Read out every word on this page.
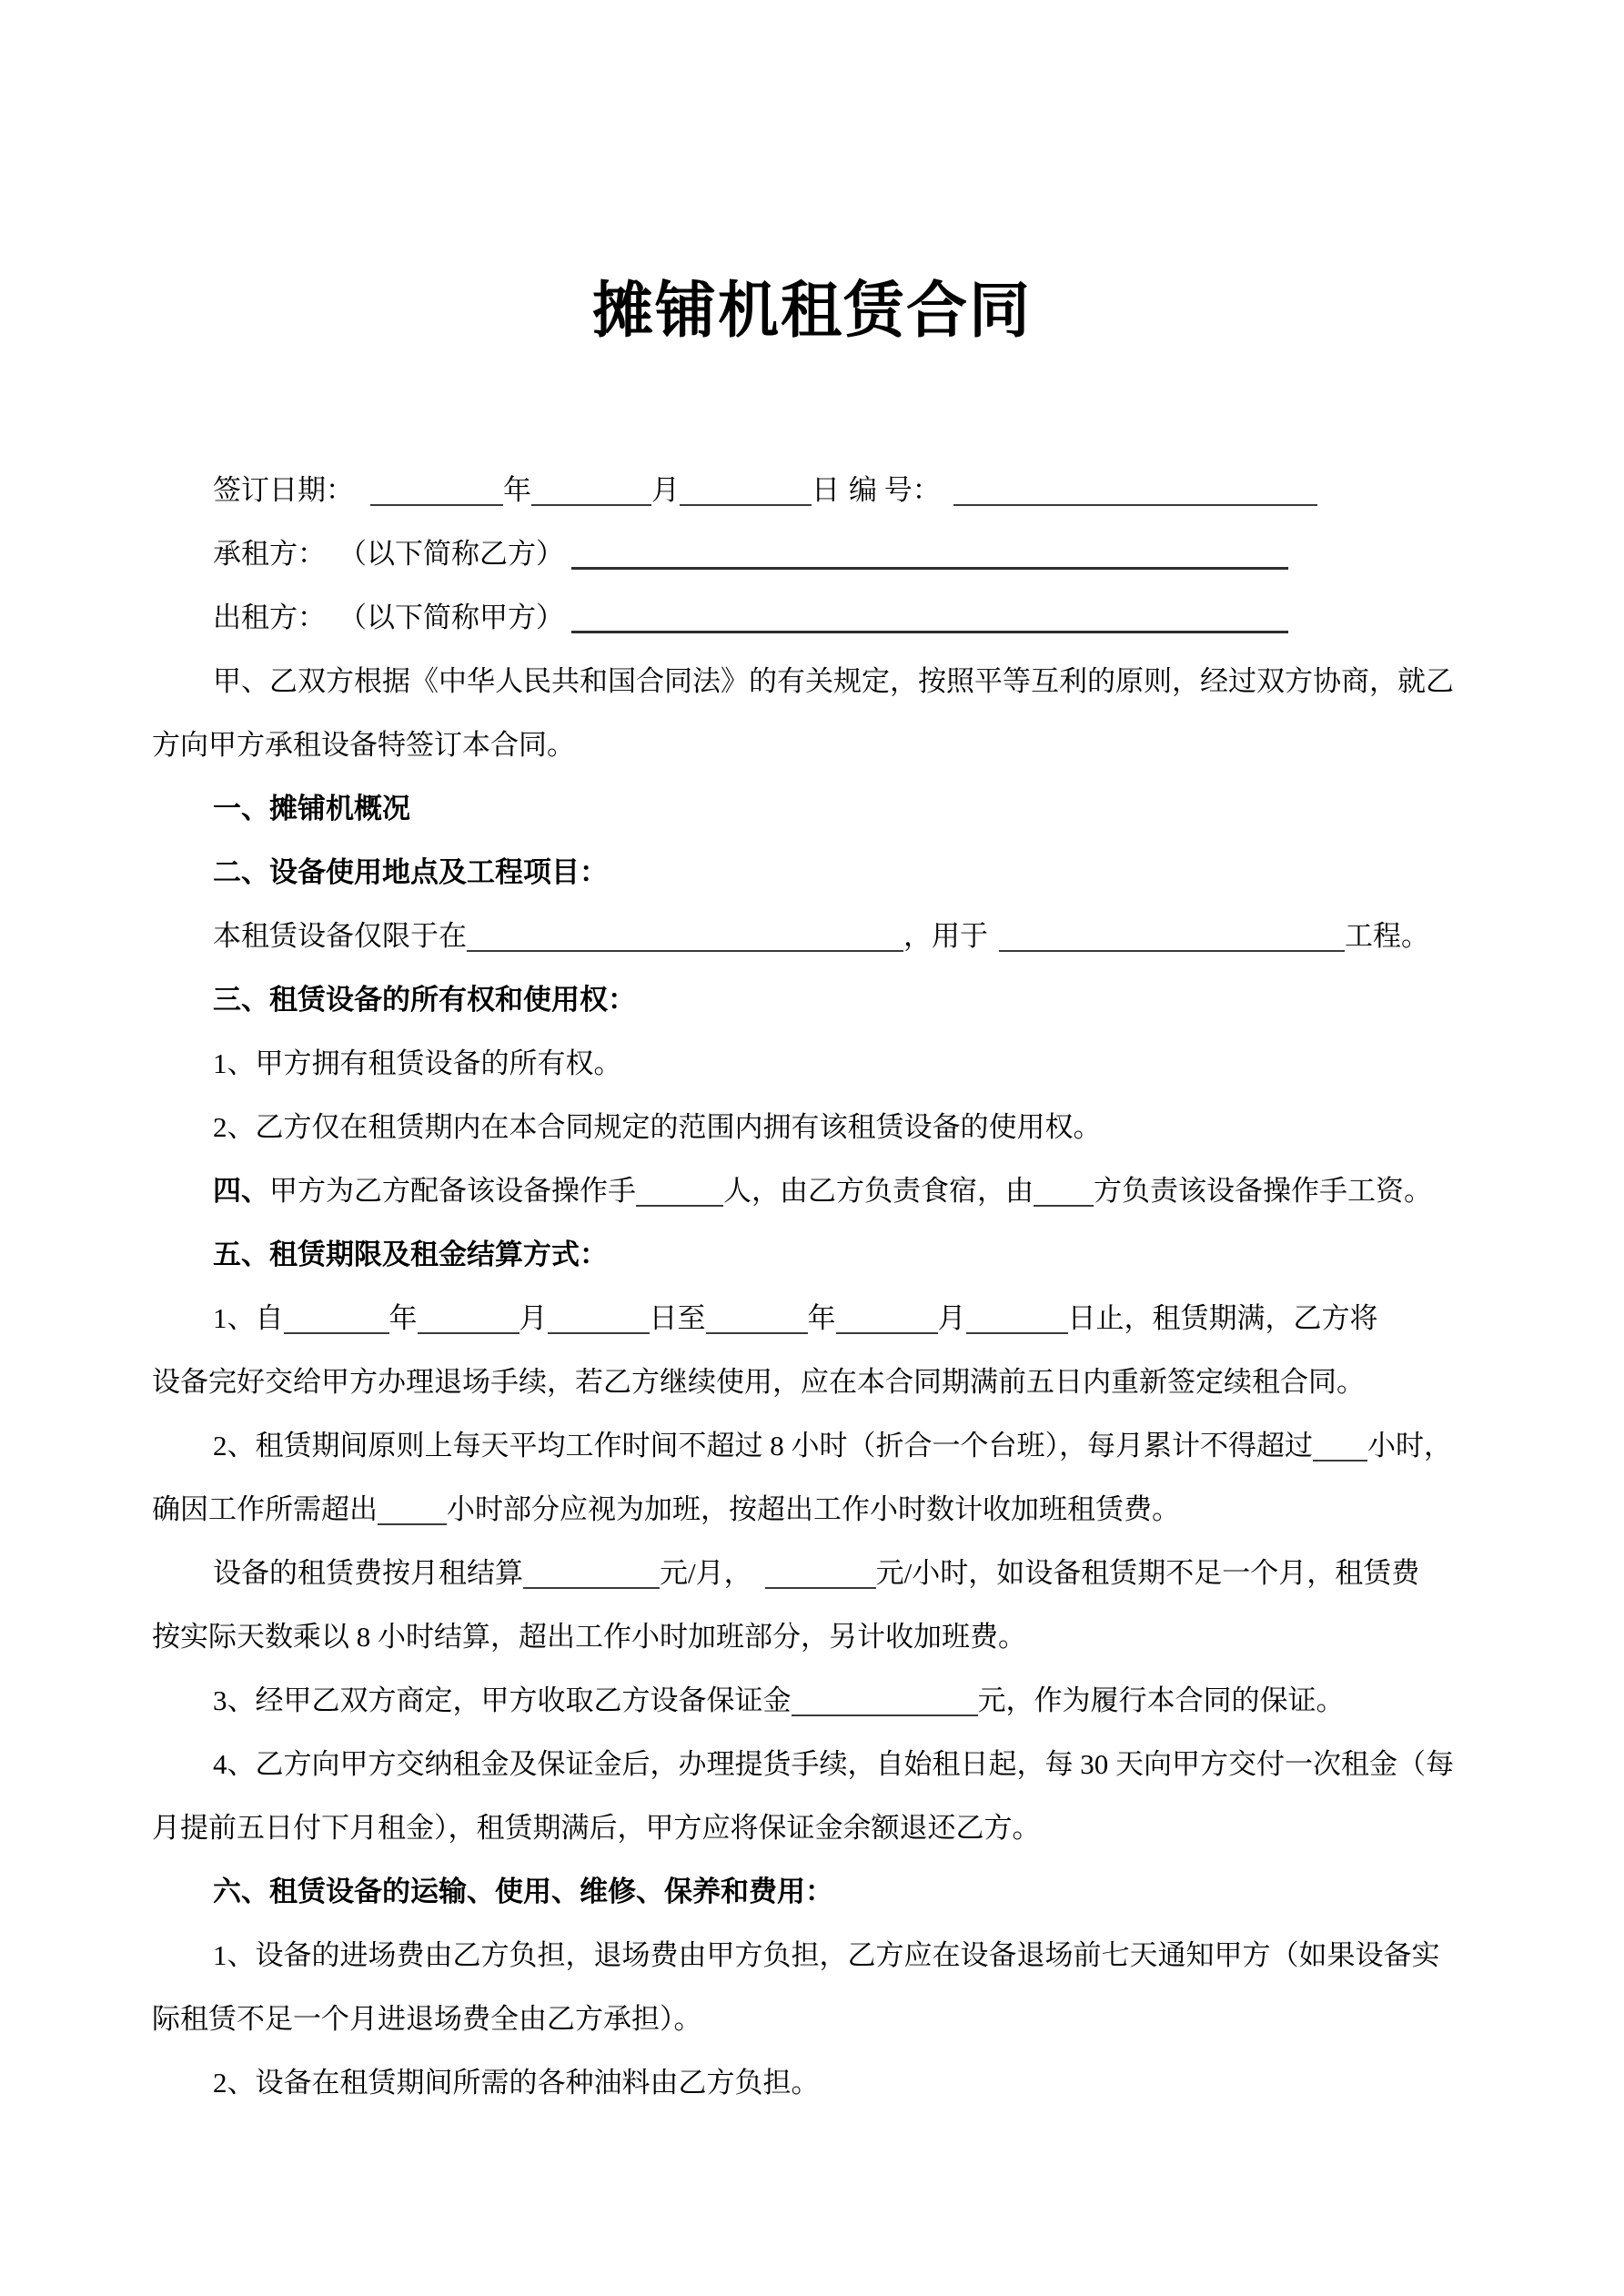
摊铺机租赁合同
签订日期：	年	月	日 编 号：
承租方： （以下简称乙方）
出租方： （以下简称甲方）
甲、乙双方根据《中华人民共和国合同法》的有关规定，按照平等互利的原则，经过双方协商，就乙
方向甲方承租设备特签订本合同。
一、摊铺机概况
二、设备使用地点及工程项目：
本租赁设备仅限于在	，用于	工程。
三、租赁设备的所有权和使用权：
1、甲方拥有租赁设备的所有权。
2、乙方仅在租赁期内在本合同规定的范围内拥有该租赁设备的使用权。
四、甲方为乙方配备该设备操作手	人，由乙方负责食宿，由 方负责该设备操作手工资。
五、租赁期限及租金结算方式：
1、自	年	月	日至	年	月	日止，租赁期满，乙方将
设备完好交给甲方办理退场手续，若乙方继续使用，应在本合同期满前五日内重新签定续租合同。
2、租赁期间原则上每天平均工作时间不超过 8 小时（折合一个台班），每月累计不得超过 小时，
确因工作所需超出 小时部分应视为加班，按超出工作小时数计收加班租赁费。
设备的租赁费按月租结算	元/月，	元/小时，如设备租赁期不足一个月，租赁费
按实际天数乘以 8 小时结算，超出工作小时加班部分，另计收加班费。
3、经甲乙双方商定，甲方收取乙方设备保证金	元，作为履行本合同的保证。
4、乙方向甲方交纳租金及保证金后，办理提货手续，自始租日起，每 30 天向甲方交付一次租金（每
月提前五日付下月租金），租赁期满后，甲方应将保证金余额退还乙方。
六、租赁设备的运输、使用、维修、保养和费用：
1、设备的进场费由乙方负担，退场费由甲方负担，乙方应在设备退场前七天通知甲方（如果设备实
际租赁不足一个月进退场费全由乙方承担）。
2、设备在租赁期间所需的各种油料由乙方负担。
